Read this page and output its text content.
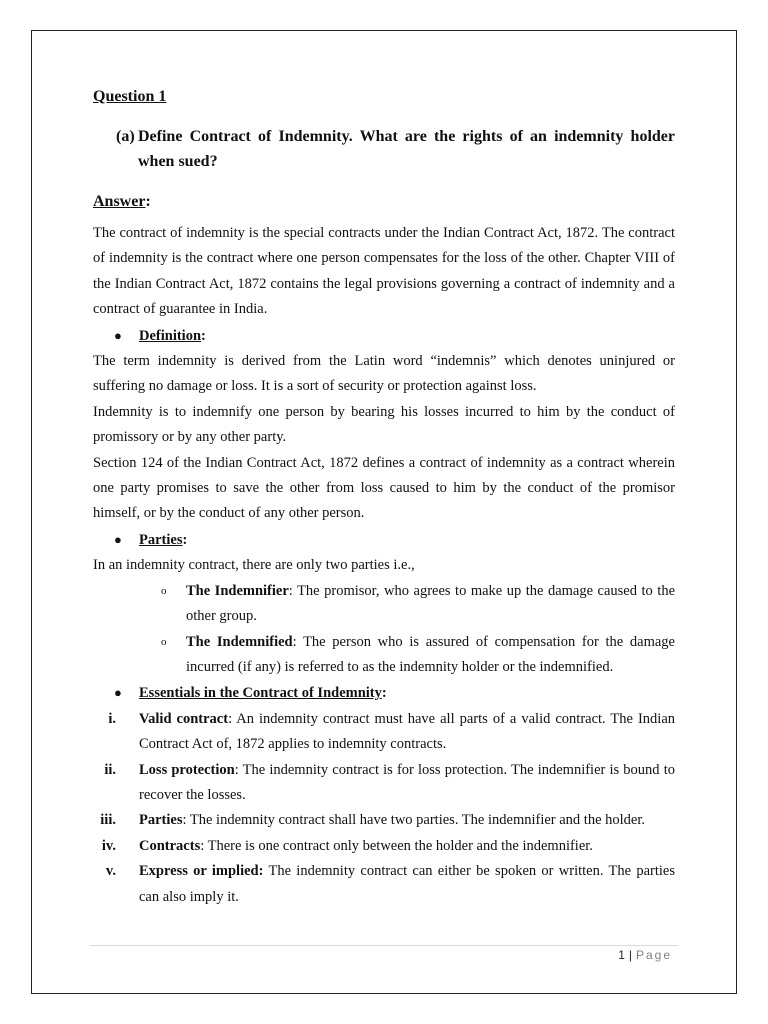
Question 1
(a) Define Contract of Indemnity. What are the rights of an indemnity holder when sued?
Answer:

The contract of indemnity is the special contracts under the Indian Contract Act, 1872. The contract of indemnity is the contract where one person compensates for the loss of the other. Chapter VIII of the Indian Contract Act, 1872 contains the legal provisions governing a contract of indemnity and a contract of guarantee in India.

●	Definition:

The term indemnity is derived from the Latin word “indemnis” which denotes uninjured or suffering no damage or loss. It is a sort of security or protection against loss.

Indemnity is to indemnify one person by bearing his losses incurred to him by the conduct of promissory or by any other party.

Section 124 of the Indian Contract Act, 1872 defines a contract of indemnity as a contract wherein one party promises to save the other from loss caused to him by the conduct of the promisor himself, or by the conduct of any other person.

●	Parties:

In an indemnity contract, there are only two parties i.e.,

o	The Indemnifier: The promisor, who agrees to make up the damage caused to the other group.
o	The Indemnified: The person who is assured of compensation for the damage incurred (if any) is referred to as the indemnity holder or the indemnified.
●	Essentials in the Contract of Indemnity:
i.	Valid contract: An indemnity contract must have all parts of a valid contract. The Indian Contract Act of, 1872 applies to indemnity contracts.
ii.	Loss protection: The indemnity contract is for loss protection. The indemnifier is bound to recover the losses.
iii.	Parties: The indemnity contract shall have two parties. The indemnifier and the holder.
iv.	Contracts: There is one contract only between the holder and the indemnifier.
v.	Express or implied: The indemnity contract can either be spoken or written. The parties can also imply it.
1 | Page
